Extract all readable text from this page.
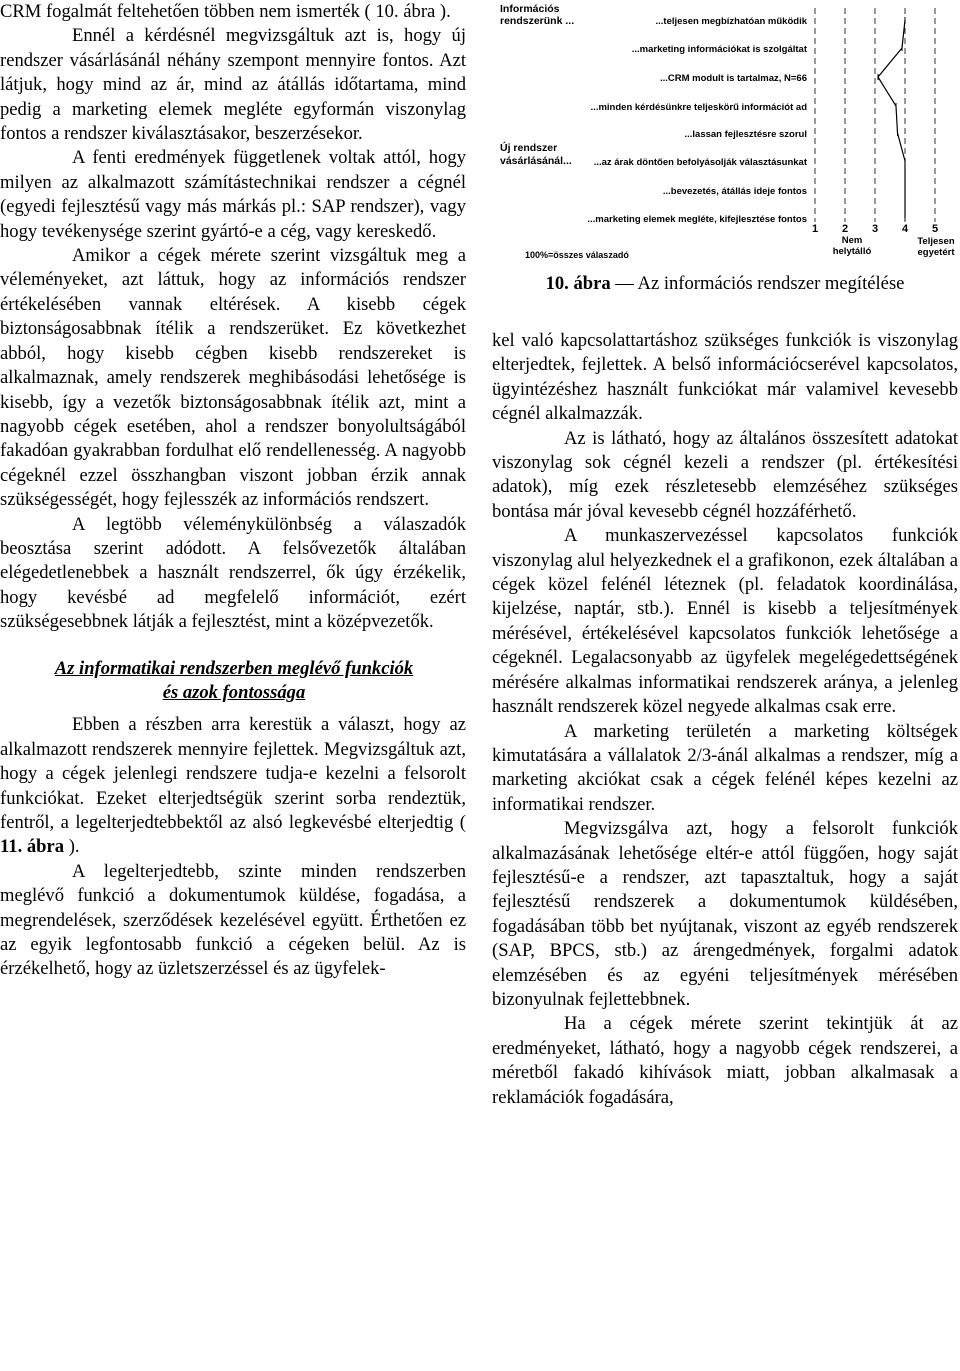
CRM fogalmát feltehetően többen nem ismerték ( 10. ábra ).

Ennél a kérdésnél megvizsgáltuk azt is, hogy új rendszer vásárlásánál néhány szempont mennyire fontos. Azt látjuk, hogy mind az ár, mind az átállás időtartama, mind pedig a marketing elemek megléte egyformán viszonylag fontos a rendszer kiválasztásakor, beszerzésekor.

A fenti eredmények függetlenek voltak attól, hogy milyen az alkalmazott számítástechnikai rendszer a cégnél (egyedi fejlesztésű vagy más márkás pl.: SAP rendszer), vagy hogy tevékenysége szerint gyártó-e a cég, vagy kereskedő.

Amikor a cégek mérete szerint vizsgáltuk meg a véleményeket, azt láttuk, hogy az információs rendszer értékelésében vannak eltérések. A kisebb cégek biztonságosabbnak ítélik a rendszerüket. Ez következhet abból, hogy kisebb cégben kisebb rendszereket is alkalmaznak, amely rendszerek meghibásodási lehetősége is kisebb, így a vezetők biztonságosabbnak ítélik azt, mint a nagyobb cégek esetében, ahol a rendszer bonyolultságából fakadóan gyakrabban fordulhat elő rendellenesség. A nagyobb cégeknél ezzel összhangban viszont jobban érzik annak szükségességét, hogy fejlesszék az információs rendszert.

A legtöbb véleménykülönbség a válaszadók beosztása szerint adódott. A felsővezetők általában elégedetlenebbek a használt rendszerrel, ők úgy érzékelik, hogy kevésbé ad megfelelő információt, ezért szükségesebbnek látják a fejlesztést, mint a középvezetők.

Az informatikai rendszerben meglévő funkciók
és azok fontossága

Ebben a részben arra kerestük a választ, hogy az alkalmazott rendszerek mennyire fejlettek. Megvizsgáltuk azt, hogy a cégek jelenlegi rendszere tudja-e kezelni a felsorolt funkciókat. Ezeket elterjedtségük szerint sorba rendeztük, fentről, a legelterjedtebbektől az alsó legkevésbé elterjedtig ( 11. ábra ).

A legelterjedtebb, szinte minden rendszerben meglévő funkció a dokumentumok küldése, fogadása, a megrendelések, szerződések kezelésével együtt. Érthetően ez az egyik legfontosabb funkció a cégeken belül. Az is érzékelhető, hogy az üzletszerzéssel és az ügyfelek-

1 2 3 4 5
...teljesen megbízhatóan működik
...marketing információkat is szolgáltat
...CRM modult is tartalmaz, N=66
...minden kérdésünkre teljeskörű információt ad
...lassan fejlesztésre szorul
...az árak döntően befolyásolják választásunkat
...bevezetés, átállás ideje fontos
...marketing elemek megléte, kifejlesztése fontos
Információs
rendszerünk ...
Új rendszer
vásárlásánál...
Nem
helytálló
Teljesen
egyetért
100%=összes válaszadó
10. ábra — Az információs rendszer megítélése

kel való kapcsolattartáshoz szükséges funkciók is viszonylag elterjedtek, fejlettek. A belső információcserével kapcsolatos, ügyintézéshez használt funkciókat már valamivel kevesebb cégnél alkalmazzák.

Az is látható, hogy az általános összesített adatokat viszonylag sok cégnél kezeli a rendszer (pl. értékesítési adatok), míg ezek részletesebb elemzéséhez szükséges bontása már jóval kevesebb cégnél hozzáférhető.

A munkaszervezéssel kapcsolatos funkciók viszonylag alul helyezkednek el a grafikonon, ezek általában a cégek közel felénél léteznek (pl. feladatok koordinálása, kijelzése, naptár, stb.). Ennél is kisebb a teljesítmények mérésével, értékelésével kapcsolatos funkciók lehetősége a cégeknél. Legalacsonyabb az ügyfelek megelégedettségének mérésére alkalmas informatikai rendszerek aránya, a jelenleg használt rendszerek közel negyede alkalmas csak erre.

A marketing területén a marketing költségek kimutatására a vállalatok 2/3-ánál alkalmas a rendszer, míg a marketing akciókat csak a cégek felénél képes kezelni az informatikai rendszer.

Megvizsgálva azt, hogy a felsorolt funkciók alkalmazásának lehetősége eltér-e attól függően, hogy saját fejlesztésű-e a rendszer, azt tapasztaltuk, hogy a saját fejlesztésű rendszerek a dokumentumok küldésében, fogadásában több bet nyújtanak, viszont az egyéb rendszerek (SAP, BPCS, stb.) az árengedmények, forgalmi adatok elemzésében és az egyéni teljesítmények mérésében bizonyulnak fejlettebbnek.

Ha a cégek mérete szerint tekintjük át az eredményeket, látható, hogy a nagyobb cégek rendszerei, a méretből fakadó kihívások miatt, jobban alkalmasak a reklamációk fogadására,
